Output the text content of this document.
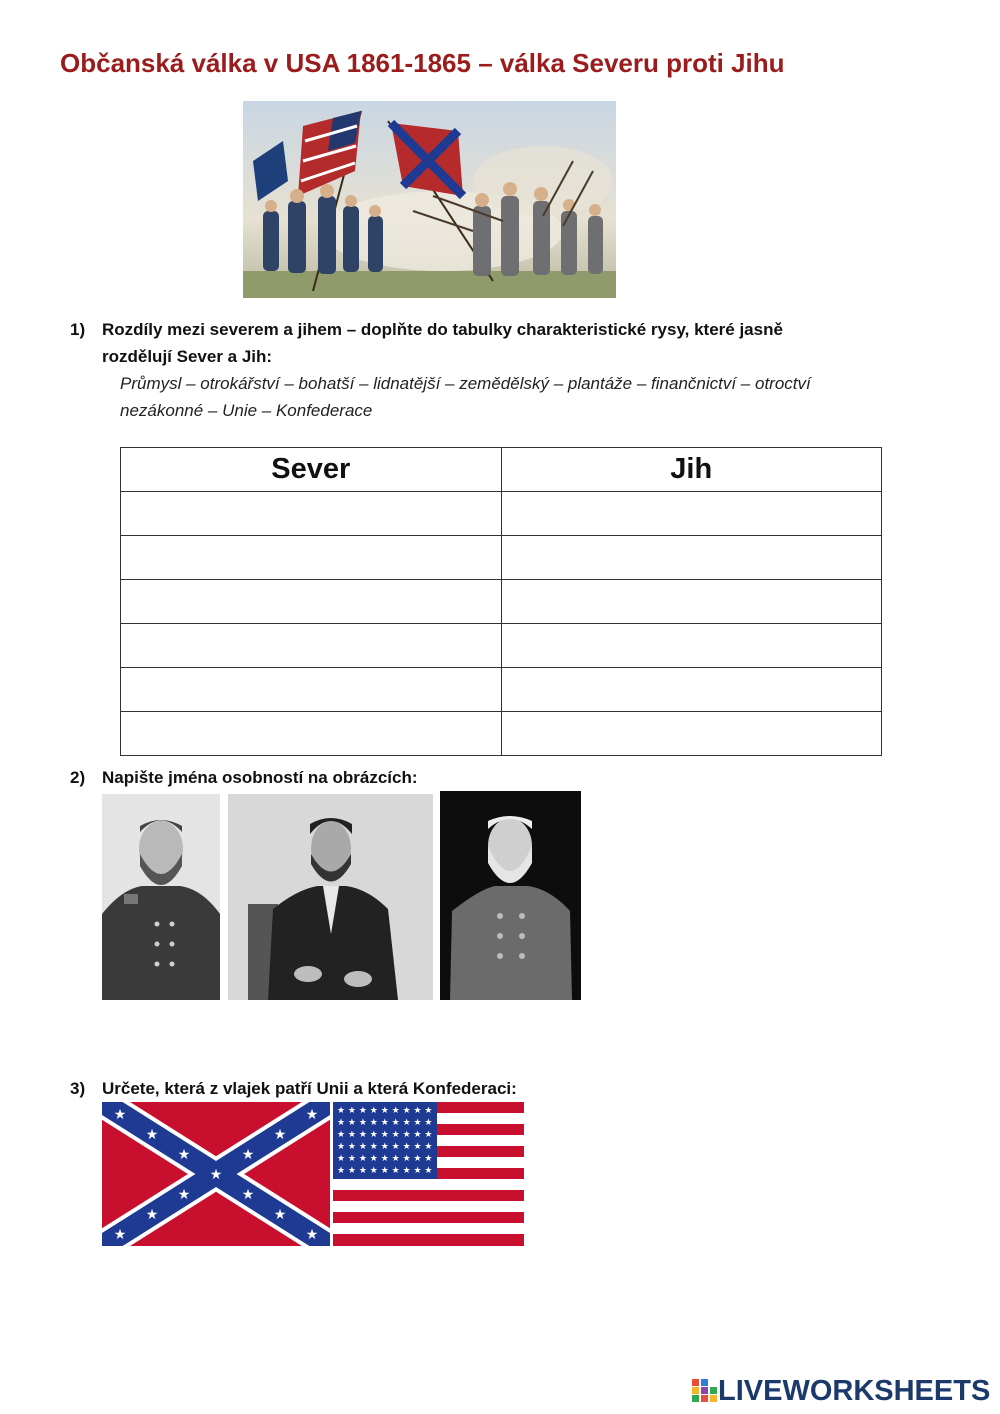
Občanská válka v USA 1861-1865 – válka Severu proti Jihu
1) Rozdíly mezi severem a jihem – doplňte do tabulky charakteristické rysy, které jasně
rozdělují Sever a Jih:
Průmysl – otrokářství – bohatší – lidnatější – zemědělský – plantáže – finančnictví – otroctví
nezákonné – Unie – Konfederace
Sever	Jih

2) Napište jména osobností na obrázcích:
3) Určete, která z vlajek patří Unii a která Konfederaci:
★
★
★
★
★
★
★
★
★
★
★
★
★
★ ★ ★ ★ ★ ★ ★ ★ ★
★ ★ ★ ★ ★ ★ ★ ★ ★
★ ★ ★ ★ ★ ★ ★ ★ ★
★ ★ ★ ★ ★ ★ ★ ★ ★
★ ★ ★ ★ ★ ★ ★ ★ ★
★ ★ ★ ★ ★ ★ ★ ★ ★
LIVEWORKSHEETS
